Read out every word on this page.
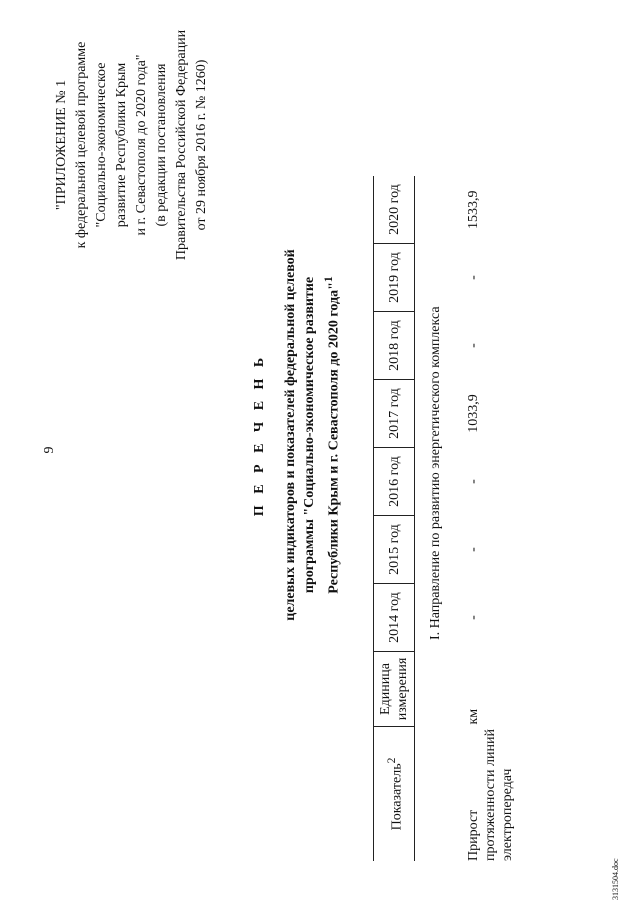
9
"ПРИЛОЖЕНИЕ № 1 к федеральной целевой программе "Социально-экономическое развитие Республики Крым и г. Севастополя до 2020 года" (в редакции постановления Правительства Российской Федерации от 29 ноября 2016 г. № 1260)
П Е Р Е Ч Е Н Ь целевых индикаторов и показателей федеральной целевой программы "Социально-экономическое развитие Республики Крым и г. Севастополя до 2020 года"$^1$
Показатель$^2$	Единица измерения	2014 год	2015 год	2016 год	2017 год	2018 год	2019 год	2020 год
I. Направление по развитию энергетического комплекса								
Прирост протяженности линий электропередач	км	-	-	-	1033,9	-	-	1533,9
3131504.doc
